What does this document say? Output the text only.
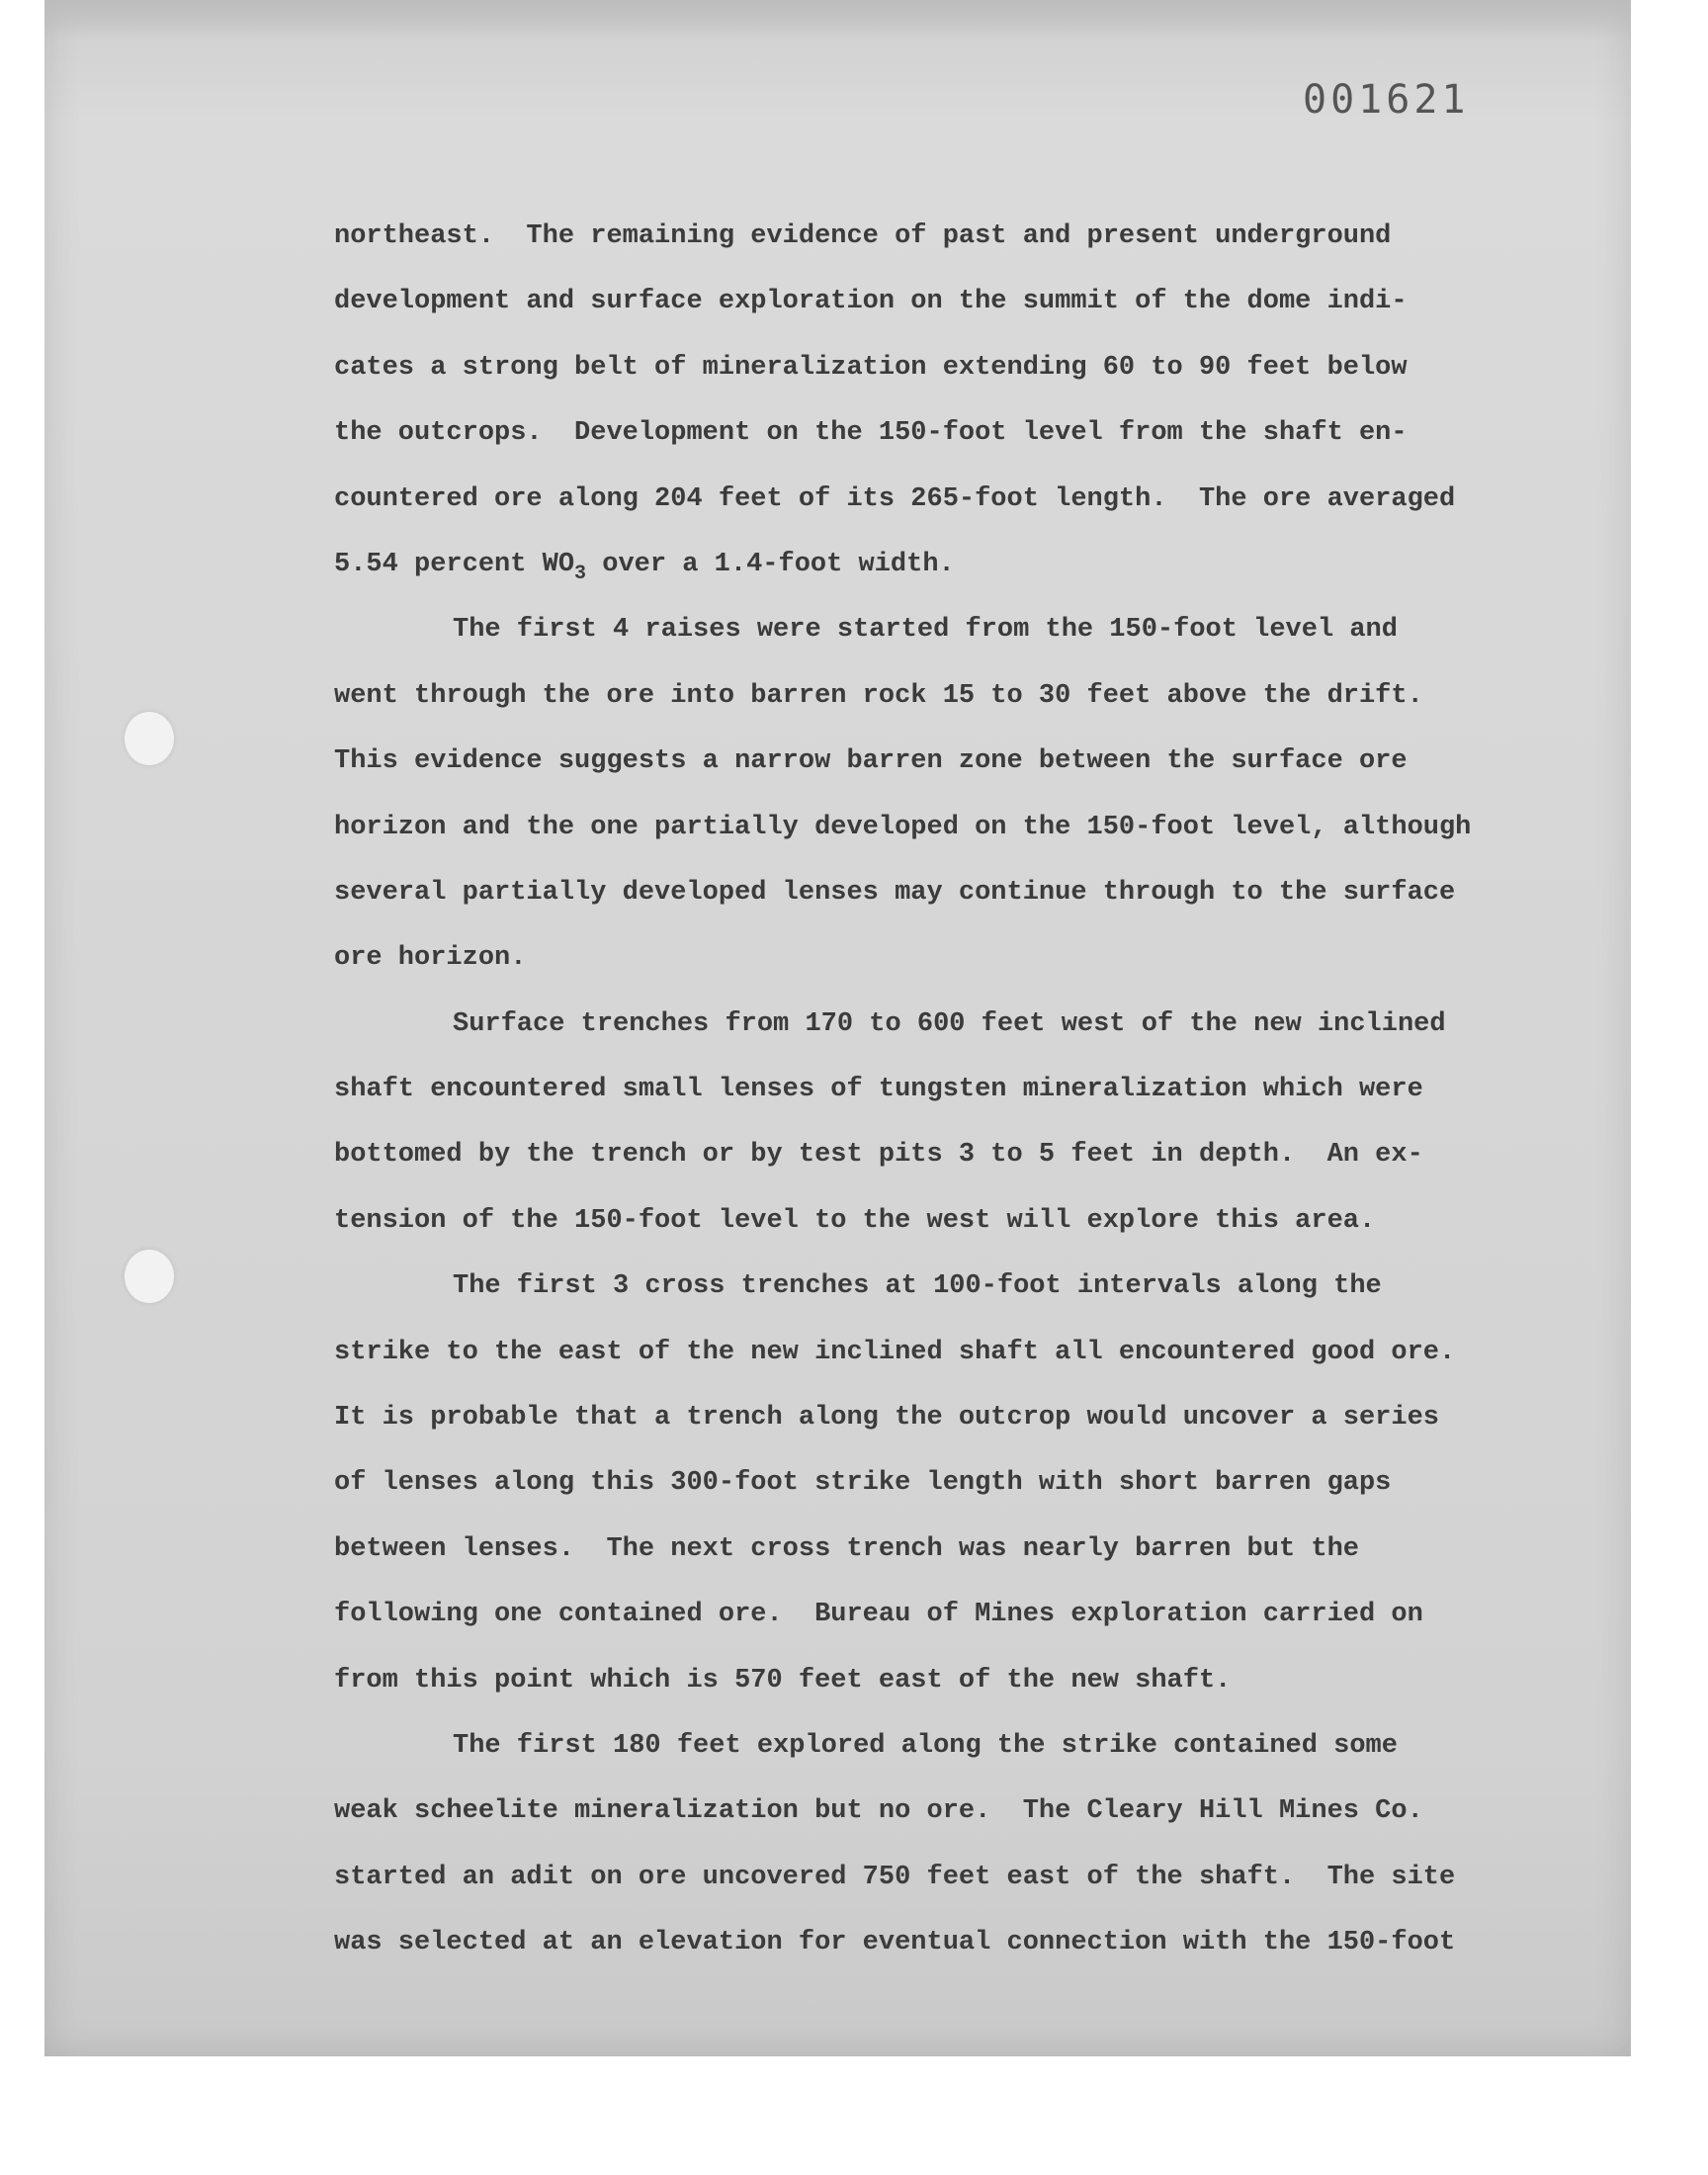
001621
northeast.  The remaining evidence of past and present underground
development and surface exploration on the summit of the dome indi-
cates a strong belt of mineralization extending 60 to 90 feet below
the outcrops.  Development on the 150-foot level from the shaft en-
countered ore along 204 feet of its 265-foot length.  The ore averaged
5.54 percent $WO_3$ over a 1.4-foot width.
The first 4 raises were started from the 150-foot level and
went through the ore into barren rock 15 to 30 feet above the drift.
This evidence suggests a narrow barren zone between the surface ore
horizon and the one partially developed on the 150-foot level, although
several partially developed lenses may continue through to the surface
ore horizon.
Surface trenches from 170 to 600 feet west of the new inclined
shaft encountered small lenses of tungsten mineralization which were
bottomed by the trench or by test pits 3 to 5 feet in depth.  An ex-
tension of the 150-foot level to the west will explore this area.
The first 3 cross trenches at 100-foot intervals along the
strike to the east of the new inclined shaft all encountered good ore.
It is probable that a trench along the outcrop would uncover a series
of lenses along this 300-foot strike length with short barren gaps
between lenses.  The next cross trench was nearly barren but the
following one contained ore.  Bureau of Mines exploration carried on
from this point which is 570 feet east of the new shaft.
The first 180 feet explored along the strike contained some
weak scheelite mineralization but no ore.  The Cleary Hill Mines Co.
started an adit on ore uncovered 750 feet east of the shaft.  The site
was selected at an elevation for eventual connection with the 150-foot
